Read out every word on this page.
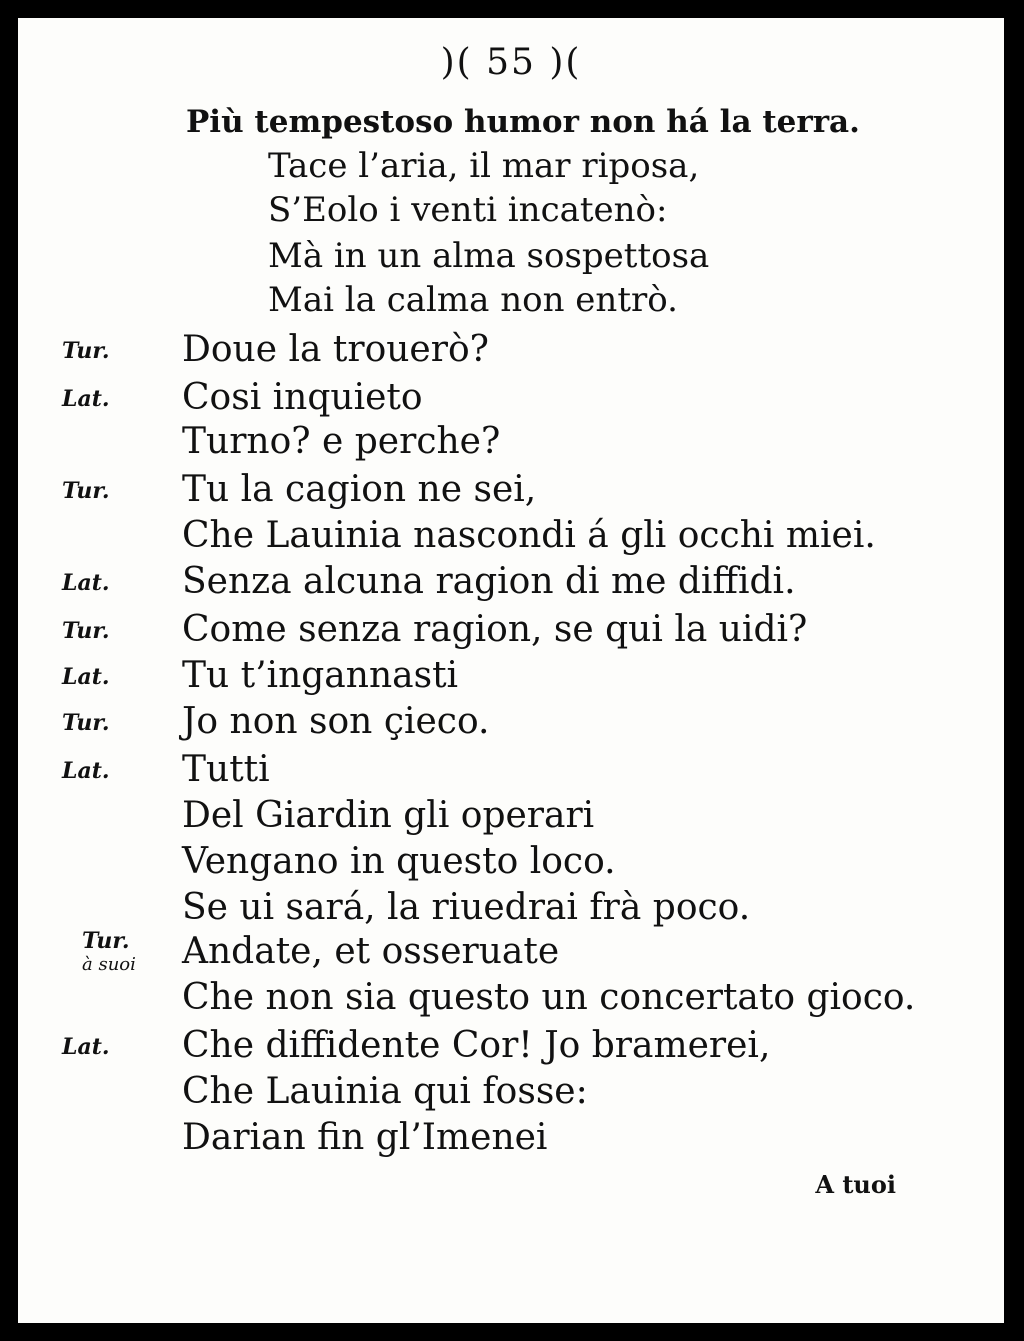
)( 55 )(
Più tempestoso humor non há la terra.
Tace l’aria, il mar riposa,
S’Eolo i venti incatenò:
Mà in un alma sospettosa
Mai la calma non entrò.
Tur. Doue la trouerò?
Lat. Cosi inquieto
Turno? e perche?
Tur. Tu la cagion ne sei,
Che Lauinia nascondi á gli occhi miei.
Lat. Senza alcuna ragion di me diffidi.
Tur. Come senza ragion, se qui la uidi?
Lat. Tu t’ingannasti
Tur. Jo non son çieco.
Lat. Tutti
Del Giardin gli operari
Vengano in questo loco.
Se ui sará, la riuedrai frà poco.
Tur.
à suoi Andate, et osseruate
Che non sia questo un concertato gioco.
Lat. Che diffidente Cor! Jo bramerei,
Che Lauinia qui fosse:
Darian fin gl’Imenei
A tuoi
